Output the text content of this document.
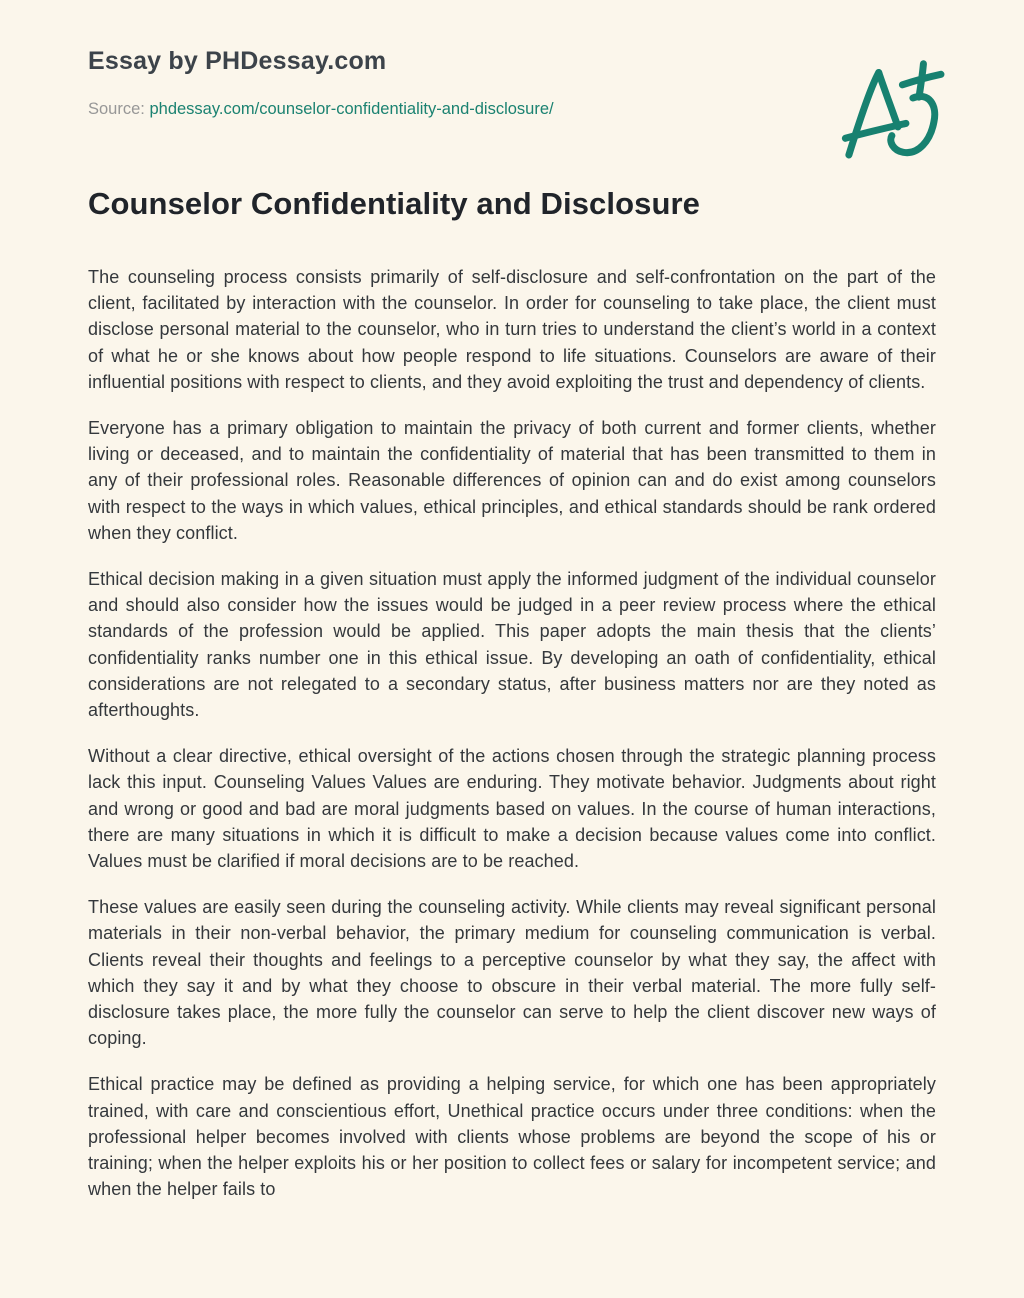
Essay by PHDessay.com
Source: phdessay.com/counselor-confidentiality-and-disclosure/
Counselor Confidentiality and Disclosure

The counseling process consists primarily of self-disclosure and self-confrontation on the part of the client, facilitated by interaction with the counselor. In order for counseling to take place, the client must disclose personal material to the counselor, who in turn tries to understand the client’s world in a context of what he or she knows about how people respond to life situations. Counselors are aware of their influential positions with respect to clients, and they avoid exploiting the trust and dependency of clients.

Everyone has a primary obligation to maintain the privacy of both current and former clients, whether living or deceased, and to maintain the confidentiality of material that has been transmitted to them in any of their professional roles. Reasonable differences of opinion can and do exist among counselors with respect to the ways in which values, ethical principles, and ethical standards should be rank ordered when they conflict.

Ethical decision making in a given situation must apply the informed judgment of the individual counselor and should also consider how the issues would be judged in a peer review process where the ethical standards of the profession would be applied. This paper adopts the main thesis that the clients’ confidentiality ranks number one in this ethical issue. By developing an oath of confidentiality, ethical considerations are not relegated to a secondary status, after business matters nor are they noted as afterthoughts.

Without a clear directive, ethical oversight of the actions chosen through the strategic planning process lack this input. Counseling Values Values are enduring. They motivate behavior. Judgments about right and wrong or good and bad are moral judgments based on values. In the course of human interactions, there are many situations in which it is difficult to make a decision because values come into conflict. Values must be clarified if moral decisions are to be reached.

These values are easily seen during the counseling activity. While clients may reveal significant personal materials in their non-verbal behavior, the primary medium for counseling communication is verbal. Clients reveal their thoughts and feelings to a perceptive counselor by what they say, the affect with which they say it and by what they choose to obscure in their verbal material. The more fully self-disclosure takes place, the more fully the counselor can serve to help the client discover new ways of coping.

Ethical practice may be defined as providing a helping service, for which one has been appropriately trained, with care and conscientious effort, Unethical practice occurs under three conditions: when the professional helper becomes involved with clients whose problems are beyond the scope of his or training; when the helper exploits his or her position to collect fees or salary for incompetent service; and when the helper fails to
